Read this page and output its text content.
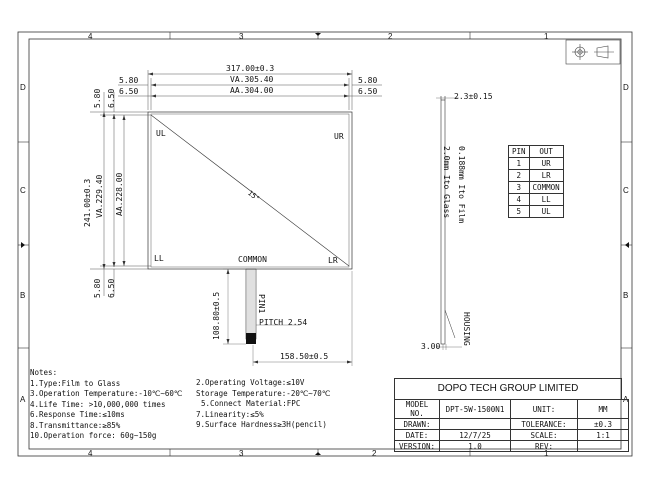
4	3	2	1
4	3	2	1
D
C
B
A
D
C
B
A
317.00±0.3
VA.305.40
AA.304.00
5.80
6.50
5.80
6.50
5.80 6.50
241.00±0.3 VA.229.40 AA.228.00
5.80 6.50
UL	UR
LL	LR
COMMON
15°
108.80±0.5	PIN1
PITCH 2.54
158.50±0.5
2.3±0.15
0.188mm Ito Film
2.0mm Ito Glass
HOUSING
3.00
PIN	OUT
1	UR
2	LR
3	COMMON
4	LL
5	UL
Notes:
1.Type:Film to Glass
3.Operation Temperature:-10℃~60℃
4.Life Time: >10,000,000 times
6.Response Time:≤10ms
8.Transmittance:≥85%
10.Operation force: 60g~150g
2.Operating Voltage:≤10V
Storage Temperature:-20℃~70℃
5.Connect Material:FPC
7.Linearity:≤5%
9.Surface Hardness≥3H(pencil)
DOPO TECH GROUP LIMITED
MODEL NO.	DPT-5W-1500N1	UNIT:	MM
DRAWN:		TOLERANCE:	±0.3
DATE:	12/7/25	SCALE:	1:1
VERSION:	1.0	REV:	
